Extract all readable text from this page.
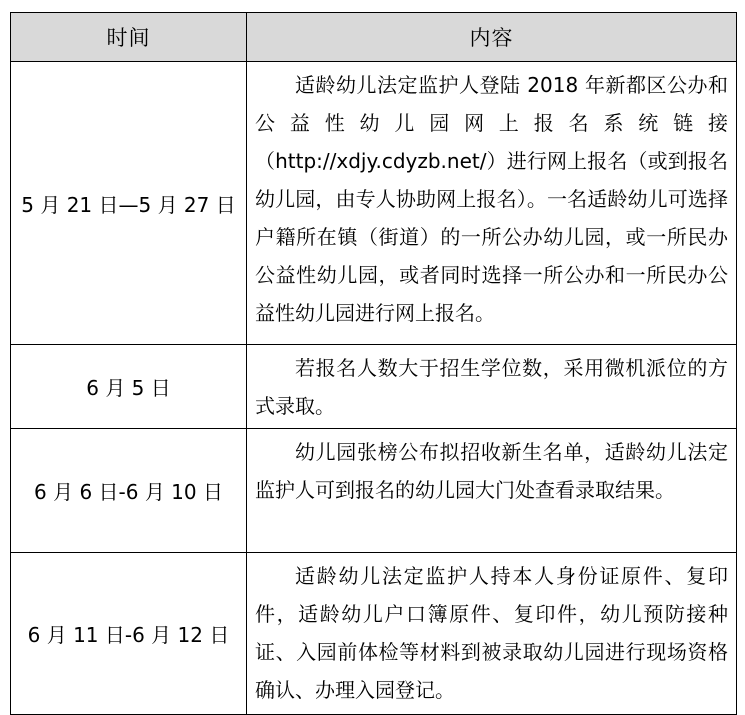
时间	内容
5 月 21 日—5 月 27 日	适龄幼儿法定监护人登陆 2018 年新都区公办和公益性幼儿园网上报名系统链接（http://xdjy.cdyzb.net/）进行网上报名（或到报名幼儿园，由专人协助网上报名）。一名适龄幼儿可选择户籍所在镇（街道）的一所公办幼儿园，或一所民办公益性幼儿园，或者同时选择一所公办和一所民办公益性幼儿园进行网上报名。
6 月 5 日	若报名人数大于招生学位数，采用微机派位的方式录取。
6 月 6 日-6 月 10 日	幼儿园张榜公布拟招收新生名单，适龄幼儿法定监护人可到报名的幼儿园大门处查看录取结果。
6 月 11 日-6 月 12 日	适龄幼儿法定监护人持本人身份证原件、复印件，适龄幼儿户口簿原件、复印件，幼儿预防接种证、入园前体检等材料到被录取幼儿园进行现场资格确认、办理入园登记。
